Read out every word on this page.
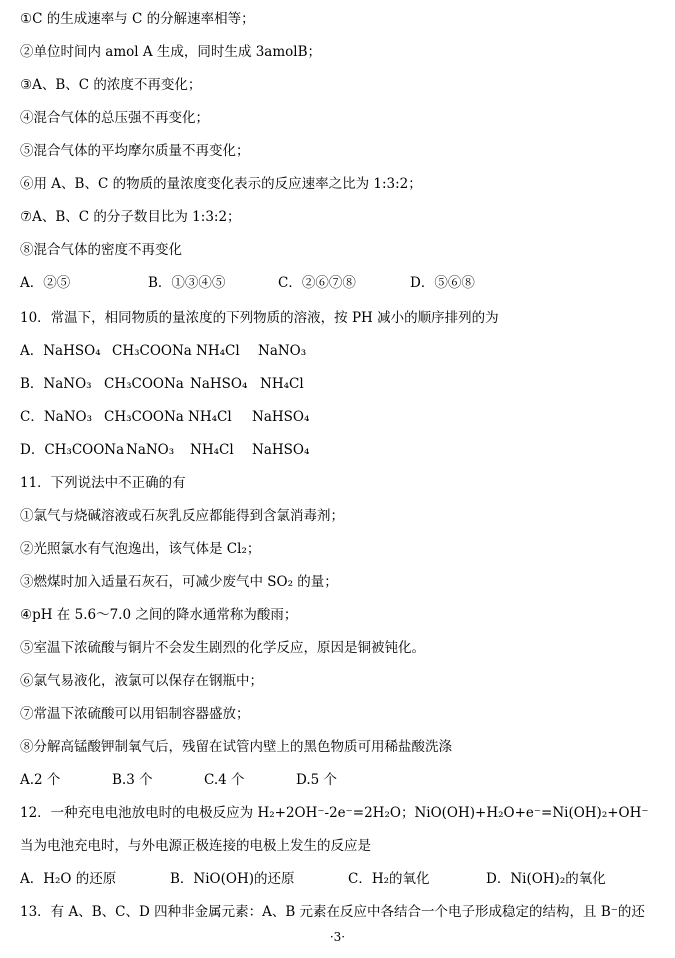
①C 的生成速率与 C 的分解速率相等；
②单位时间内 amol A 生成，同时生成 3amolB；
③A、B、C 的浓度不再变化；
④混合气体的总压强不再变化；
⑤混合气体的平均摩尔质量不再变化；
⑥用 A、B、C 的物质的量浓度变化表示的反应速率之比为 1:3:2；
⑦A、B、C 的分子数目比为 1:3:2；
⑧混合气体的密度不再变化
A．②⑤	B．①③④⑤	C．②⑥⑦⑧	D．⑤⑥⑧
10．常温下，相同物质的量浓度的下列物质的溶液，按 PH 减小的顺序排列的为
A．NaHSO₄ CH₃COONa NH₄Cl NaNO₃
B．NaNO₃ CH₃COONa NaHSO₄ NH₄Cl
C．NaNO₃ CH₃COONa NH₄Cl NaHSO₄
D．CH₃COONa NaNO₃ NH₄Cl NaHSO₄
11．下列说法中不正确的有
①氯气与烧碱溶液或石灰乳反应都能得到含氯消毒剂；
②光照氯水有气泡逸出，该气体是 Cl₂；
③燃煤时加入适量石灰石，可减少废气中 SO₂ 的量；
④pH 在 5.6～7.0 之间的降水通常称为酸雨；
⑤室温下浓硫酸与铜片不会发生剧烈的化学反应，原因是铜被钝化。
⑥氯气易液化，液氯可以保存在钢瓶中；
⑦常温下浓硫酸可以用铝制容器盛放；
⑧分解高锰酸钾制氧气后，残留在试管内壁上的黑色物质可用稀盐酸洗涤
A.2 个	B.3 个	C.4 个	D.5 个
12．一种充电电池放电时的电极反应为 H₂+2OH⁻-2e⁻=2H₂O；NiO(OH)+H₂O+e⁻=Ni(OH)₂+OH⁻
当为电池充电时，与外电源正极连接的电极上发生的反应是
A．H₂O 的还原	B．NiO(OH)的还原	C．H₂的氧化	D．Ni(OH)₂的氧化
13．有 A、B、C、D 四种非金属元素：A、B 元素在反应中各结合一个电子形成稳定的结构，且 B⁻的还
·3·
